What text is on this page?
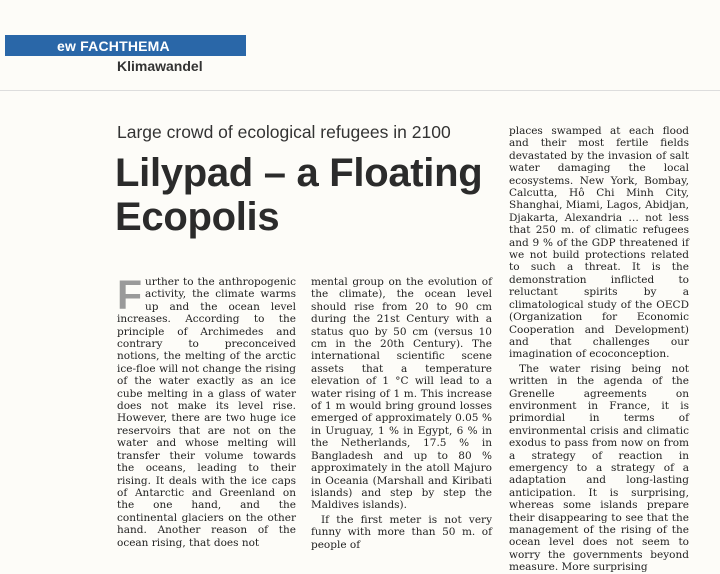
ew FACHTHEMA
Klimawandel
Large crowd of ecological refugees in 2100
Lilypad – a Floating
Ecopolis

Further to the anthropogenic activity, the climate warms up and the ocean level increases. According to the principle of Archimedes and contrary to preconceived notions, the melting of the arctic ice-floe will not change the rising of the water exactly as an ice cube melting in a glass of water does not make its level rise. However, there are two huge ice reservoirs that are not on the water and whose melting will transfer their volume towards the oceans, leading to their rising. It deals with the ice caps of Antarctic and Greenland on the one hand, and the continental glaciers on the other hand. Another reason of the ocean rising, that does not

mental group on the evolution of the climate), the ocean level should rise from 20 to 90 cm during the 21st Century with a status quo by 50 cm (versus 10 cm in the 20th Century). The international scientific scene assets that a temperature elevation of 1 °C will lead to a water rising of 1 m. This increase of 1 m would bring ground losses emerged of approximately 0.05 % in Uruguay, 1 % in Egypt, 6 % in the Netherlands, 17.5 % in Bangladesh and up to 80 % approximately in the atoll Majuro in Oceania (Marshall and Kiribati islands) and step by step the Maldives islands).

If the first meter is not very funny with more than 50 m. of people of

places swamped at each flood and their most fertile fields devastated by the invasion of salt water damaging the local ecosystems. New York, Bombay, Calcutta, Hô Chi Minh City, Shanghai, Miami, Lagos, Abidjan, Djakarta, Alexandria … not less that 250 m. of climatic refugees and 9 % of the GDP threatened if we not build protections related to such a threat. It is the demonstration inflicted to reluctant spirits by a climatological study of the OECD (Organization for Economic Cooperation and Development) and that challenges our imagination of ecoconception.

The water rising being not written in the agenda of the Grenelle agreements on environment in France, it is primordial in terms of environmental crisis and climatic exodus to pass from now on from a strategy of reaction in emergency to a strategy of a adaptation and long-lasting anticipation. It is surprising, whereas some islands prepare their disappearing to see that the management of the rising of the ocean level does not seem to worry the governments beyond measure. More surprising
